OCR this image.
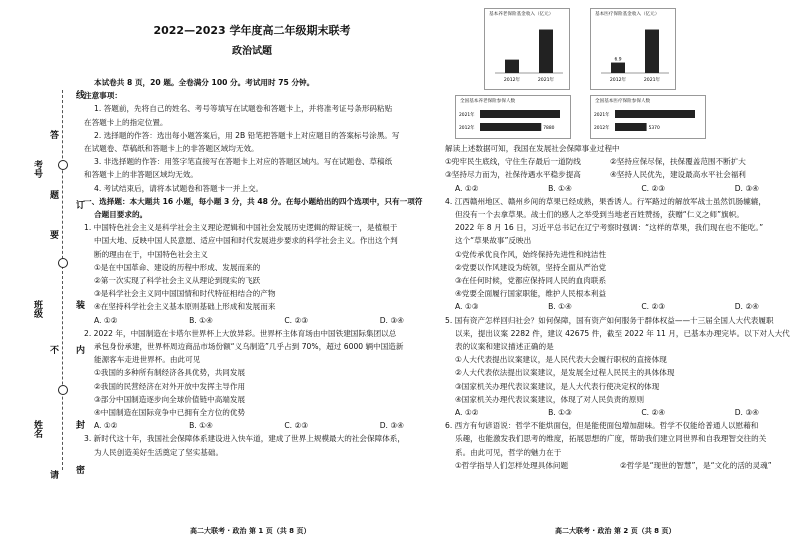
考号
班级
姓名
线
订
装
内
封
密
答
题
要
不
请
2022—2023 学年度高二年级期末联考
政治试题

本试卷共 8 页，20 题。全卷满分 100 分。考试用时 75 分钟。

注意事项：

1. 答题前，先将自己的姓名、考号等填写在试题卷和答题卡上，并将准考证号条形码粘贴

在答题卡上的指定位置。

2. 选择题的作答：选出每小题答案后，用 2B 铅笔把答题卡上对应题目的答案标号涂黑。写

在试题卷、草稿纸和答题卡上的非答题区域均无效。

3. 非选择题的作答：用签字笔直接写在答题卡上对应的答题区域内。写在试题卷、草稿纸

和答题卡上的非答题区域均无效。

4. 考试结束后，请将本试题卷和答题卡一并上交。

一、选择题：本大题共 16 小题，每小题 3 分，共 48 分。在每小题给出的四个选项中，只有一项符

合题目要求的。

1. 中国特色社会主义是科学社会主义理论逻辑和中国社会发展历史逻辑的辩证统一，是植根于

中国大地、反映中国人民意愿、适应中国和时代发展进步要求的科学社会主义。作出这个判

断的理由在于，中国特色社会主义

①是在中国革命、建设的历程中形成、发展而来的

②第一次实现了科学社会主义从理论到现实的飞跃

③是科学社会主义同中国国情和时代特征相结合的产物

④在坚持科学社会主义基本原则基础上形成和发展而来

A. ①②	B. ①④	C. ②③	D. ③④

2. 2022 年，中国制造在卡塔尔世界杯上大放异彩。世界杯主体育场由中国铁建国际集团以总

承包身份承建，世界杯周边商品市场份额“义乌制造”几乎占到 70%，超过 6000 辆中国造新

能源客车走进世界杯。由此可见

①我国的多种所有制经济各具优势，共同发展

②我国的民营经济在对外开放中发挥主导作用

③部分中国制造逐步向全球价值链中高端发展

④中国制造在国际竞争中已拥有全方位的优势

A. ①②	B. ①④	C. ②③	D. ③④

3. 新时代这十年，我国社会保障体系建设进入快车道，建成了世界上规模最大的社会保障体系，

为人民创造美好生活奠定了坚实基础。

高二大联考 · 政治 第 1 页（共 8 页）
基本养老保险基金收入（亿元）
2012年	2021年
基本医疗保险基金收入（亿元）
2012年
6.9
2021年
全国基本养老保险参保人数
2021年
2012年	7880
全国基本医疗保险参保人数
2021年
2012年	5370

解读上述数据可知，我国在发展社会保障事业过程中

①兜牢民生底线，守住生存最后一道防线	②坚持应保尽保，扶保覆盖范围不断扩大
③坚持尽力而为，社保待遇水平稳步提高	④坚持人民优先，建设最高水平社会福利
A. ①②	B. ①④	C. ②③	D. ③④

4. 江西赣州地区、赣州乡间的草果已经成熟，果香诱人。行军路过的解放军战士虽然饥肠辘辘，

但没有一个去拿草果。战士们的感人之举受到当地老百姓赞扬，获赠“仁义之师”旗帜。

2022 年 8 月 16 日，习近平总书记在辽宁考察时强调：“这样的草果，我们现在也不能吃。”

这个“草果故事”反映出

①党传承优良作风，始终保持先进性和纯洁性

②党要以作风建设为统领，坚持全面从严治党

③在任何时候，党都应保持同人民的血肉联系

④党要全面履行国家职能，维护人民根本利益

A. ①③	B. ①④	C. ②③	D. ②④

5. 国有资产怎样回归社会？如何保障，国有资产如何服务于群体权益——十三届全国人大代表履职

以来，提出议案 2282 件，建议 42675 件，截至 2022 年 11 月，已基本办理完毕。以下对人大代

表的议案和建议描述正确的是

①人大代表提出议案建议，是人民代表大会履行职权的直接体现

②人大代表依法提出议案建议，是发展全过程人民民主的具体体现

③国家机关办理代表议案建议，是人大代表行使决定权的体现

④国家机关办理代表议案建议，体现了对人民负责的原则

A. ①②	B. ①③	C. ②④	D. ③④

6. 西方有句谚语说：哲学不能烘面包，但是能使面包增加甜味。哲学不仅能给普通人以慰藉和

乐趣，也能激发我们思考的维度，拓展思想的广度，帮助我们建立同世界和自我理智交往的关

系。由此可见，哲学的魅力在于

①哲学指导人们怎样处理具体问题	②哲学是“现世的智慧”，是“文化的活的灵魂”
高二大联考 · 政治 第 2 页（共 8 页）
